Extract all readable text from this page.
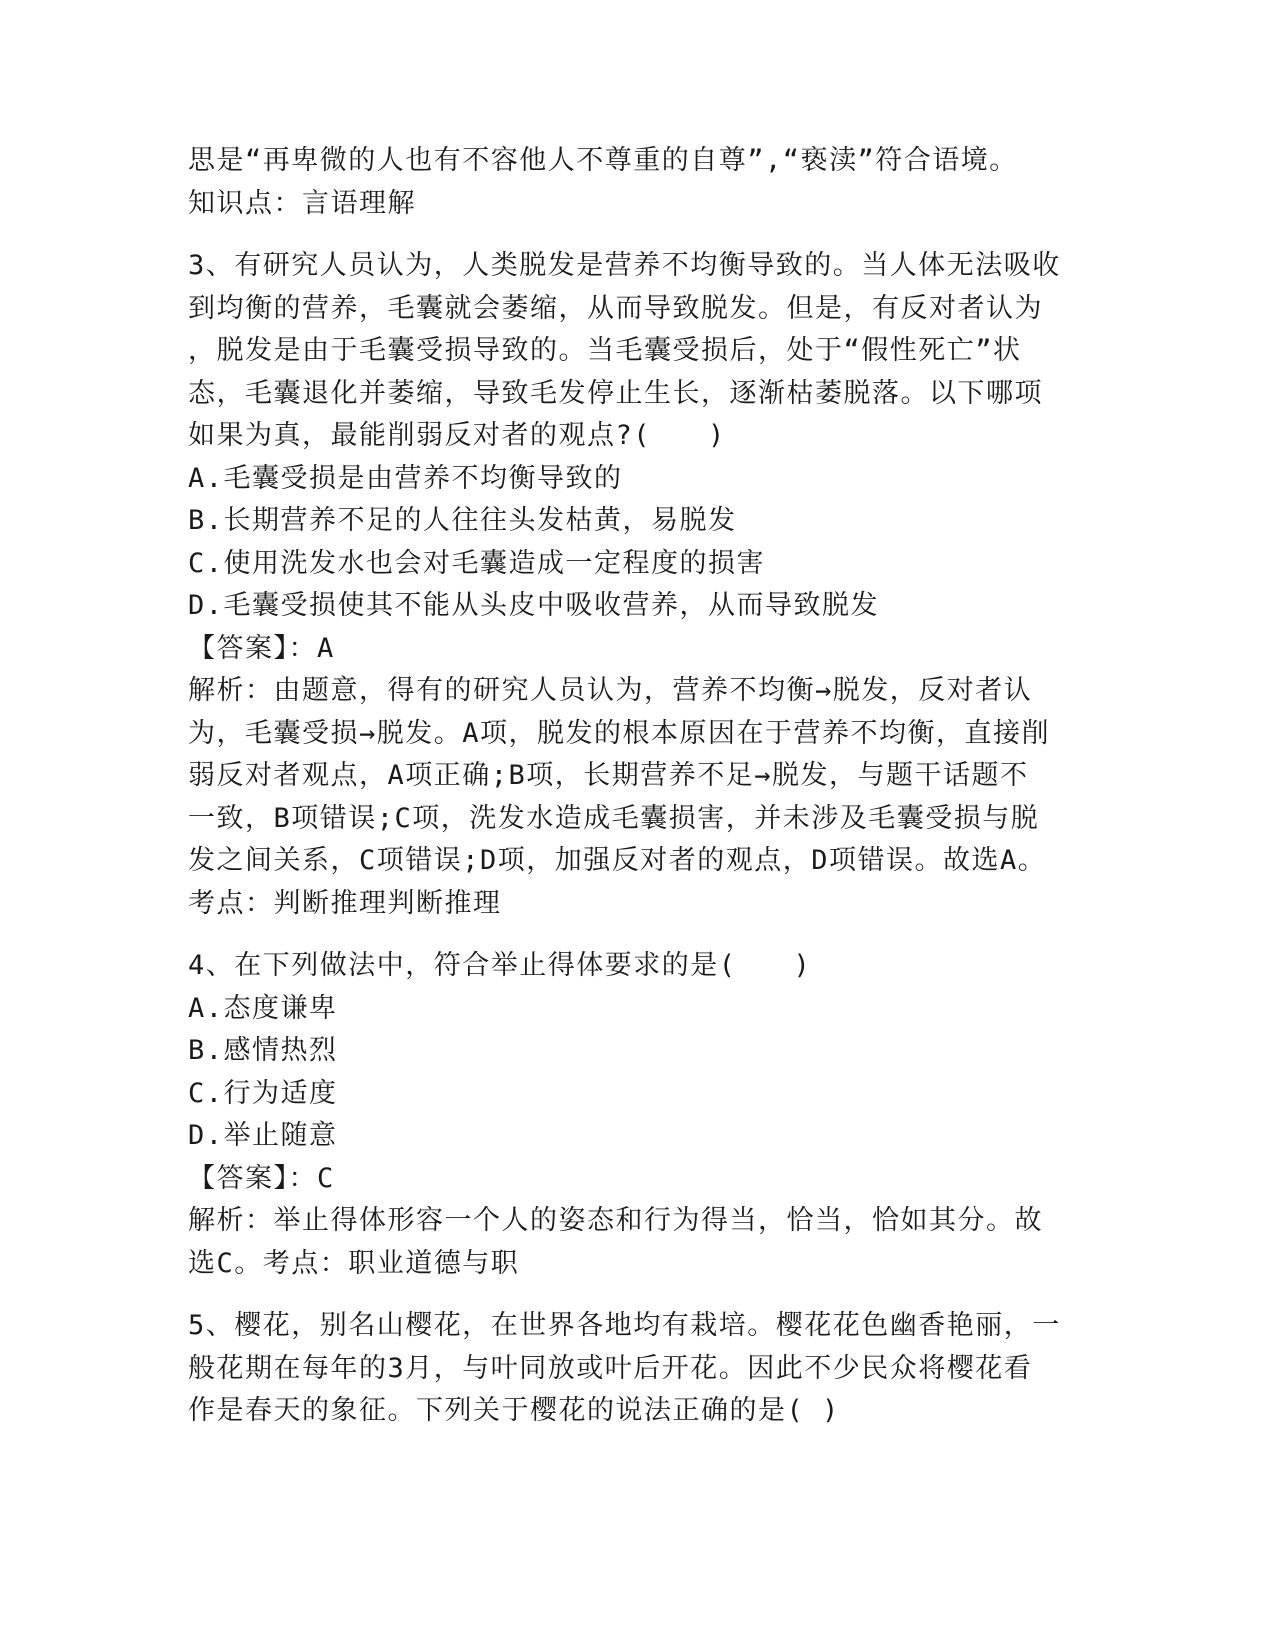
思是“再卑微的人也有不容他人不尊重的自尊”,“亵渎”符合语境。
知识点：言语理解
3、有研究人员认为，人类脱发是营养不均衡导致的。当人体无法吸收
到均衡的营养，毛囊就会萎缩，从而导致脱发。但是，有反对者认为
，脱发是由于毛囊受损导致的。当毛囊受损后，处于“假性死亡”状
态，毛囊退化并萎缩，导致毛发停止生长，逐渐枯萎脱落。以下哪项
如果为真，最能削弱反对者的观点?(　　)
A.毛囊受损是由营养不均衡导致的
B.长期营养不足的人往往头发枯黄，易脱发
C.使用洗发水也会对毛囊造成一定程度的损害
D.毛囊受损使其不能从头皮中吸收营养，从而导致脱发
【答案】：A
解析：由题意，得有的研究人员认为，营养不均衡→脱发，反对者认
为，毛囊受损→脱发。A项，脱发的根本原因在于营养不均衡，直接削
弱反对者观点，A项正确;B项，长期营养不足→脱发，与题干话题不
一致，B项错误;C项，洗发水造成毛囊损害，并未涉及毛囊受损与脱
发之间关系，C项错误;D项，加强反对者的观点，D项错误。故选A。
考点：判断推理判断推理
4、在下列做法中，符合举止得体要求的是(　　)
A.态度谦卑
B.感情热烈
C.行为适度
D.举止随意
【答案】：C
解析：举止得体形容一个人的姿态和行为得当，恰当，恰如其分。故
选C。考点：职业道德与职
5、樱花，别名山樱花，在世界各地均有栽培。樱花花色幽香艳丽，一
般花期在每年的3月，与叶同放或叶后开花。因此不少民众将樱花看
作是春天的象征。下列关于樱花的说法正确的是( )
